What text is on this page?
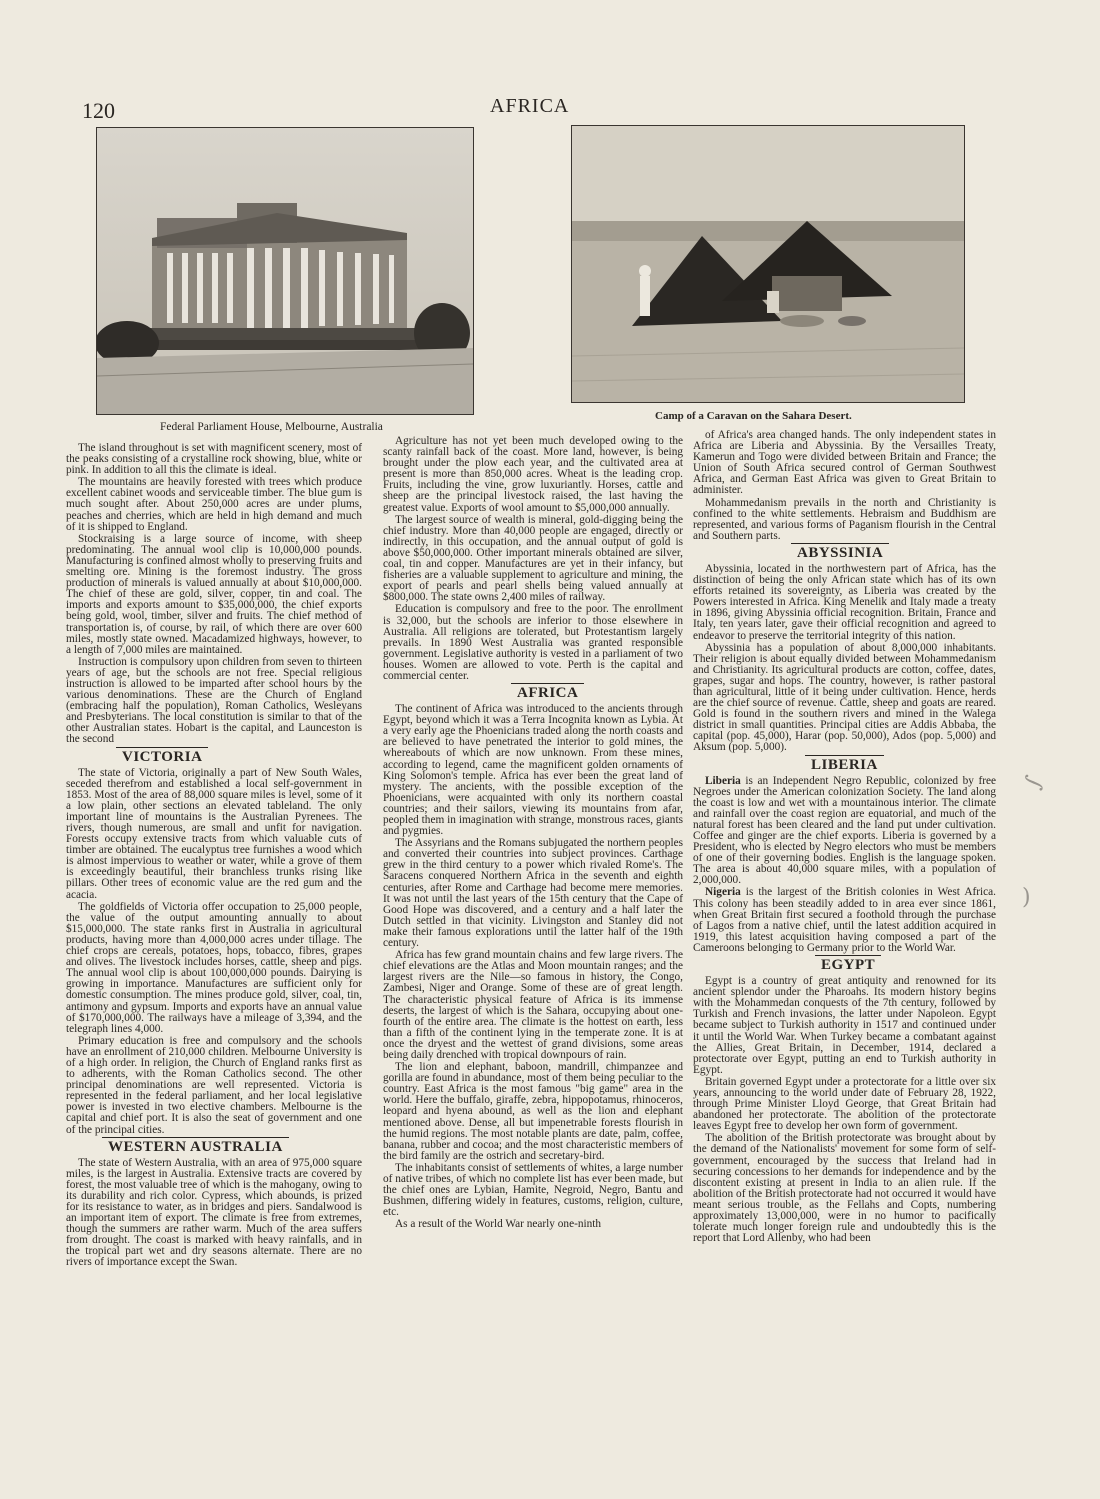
120	AFRICA
Federal Parliament House, Melbourne, Australia
Camp of a Caravan on the Sahara Desert.

The island throughout is set with magnificent scenery, most of the peaks consisting of a crystalline rock showing, blue, white or pink. In addition to all this the climate is ideal.

The mountains are heavily forested with trees which produce excellent cabinet woods and serviceable timber. The blue gum is much sought after. About 250,000 acres are under plums, peaches and cherries, which are held in high demand and much of it is shipped to England.

Stockraising is a large source of income, with sheep predominating. The annual wool clip is 10,000,000 pounds. Manufacturing is confined almost wholly to preserving fruits and smelting ore. Mining is the foremost industry. The gross production of minerals is valued annually at about $10,000,000. The chief of these are gold, silver, copper, tin and coal. The imports and exports amount to $35,000,000, the chief exports being gold, wool, timber, silver and fruits. The chief method of transportation is, of course, by rail, of which there are over 600 miles, mostly state owned. Macadamized highways, however, to a length of 7,000 miles are maintained.

Instruction is compulsory upon children from seven to thirteen years of age, but the schools are not free. Special religious instruction is allowed to be imparted after school hours by the various denominations. These are the Church of England (embracing half the population), Roman Catholics, Wesleyans and Presbyterians. The local constitution is similar to that of the other Australian states. Hobart is the capital, and Launceston is the second

VICTORIA

The state of Victoria, originally a part of New South Wales, seceded therefrom and established a local self-government in 1853. Most of the area of 88,000 square miles is level, some of it a low plain, other sections an elevated tableland. The only important line of mountains is the Australian Pyrenees. The rivers, though numerous, are small and unfit for navigation. Forests occupy extensive tracts from which valuable cuts of timber are obtained. The eucalyptus tree furnishes a wood which is almost impervious to weather or water, while a grove of them is exceedingly beautiful, their branchless trunks rising like pillars. Other trees of economic value are the red gum and the acacia.

The goldfields of Victoria offer occupation to 25,000 people, the value of the output amounting annually to about $15,000,000. The state ranks first in Australia in agricultural products, having more than 4,000,000 acres under tillage. The chief crops are cereals, potatoes, hops, tobacco, fibres, grapes and olives. The livestock includes horses, cattle, sheep and pigs. The annual wool clip is about 100,000,000 pounds. Dairying is growing in importance. Manufactures are sufficient only for domestic consumption. The mines produce gold, silver, coal, tin, antimony and gypsum. Imports and exports have an annual value of $170,000,000. The railways have a mileage of 3,394, and the telegraph lines 4,000.

Primary education is free and compulsory and the schools have an enrollment of 210,000 children. Melbourne University is of a high order. In religion, the Church of England ranks first as to adherents, with the Roman Catholics second. The other principal denominations are well represented. Victoria is represented in the federal parliament, and her local legislative power is invested in two elective chambers. Melbourne is the capital and chief port. It is also the seat of government and one of the principal cities.

WESTERN AUSTRALIA

The state of Western Australia, with an area of 975,000 square miles, is the largest in Australia. Extensive tracts are covered by forest, the most valuable tree of which is the mahogany, owing to its durability and rich color. Cypress, which abounds, is prized for its resistance to water, as in bridges and piers. Sandalwood is an important item of export. The climate is free from extremes, though the summers are rather warm. Much of the area suffers from drought. The coast is marked with heavy rainfalls, and in the tropical part wet and dry seasons alternate. There are no rivers of importance except the Swan.

Agriculture has not yet been much developed owing to the scanty rainfall back of the coast. More land, however, is being brought under the plow each year, and the cultivated area at present is more than 850,000 acres. Wheat is the leading crop. Fruits, including the vine, grow luxuriantly. Horses, cattle and sheep are the principal livestock raised, the last having the greatest value. Exports of wool amount to $5,000,000 annually.

The largest source of wealth is mineral, gold-digging being the chief industry. More than 40,000 people are engaged, directly or indirectly, in this occupation, and the annual output of gold is above $50,000,000. Other important minerals obtained are silver, coal, tin and copper. Manufactures are yet in their infancy, but fisheries are a valuable supplement to agriculture and mining, the export of pearls and pearl shells being valued annually at $800,000. The state owns 2,400 miles of railway.

Education is compulsory and free to the poor. The enrollment is 32,000, but the schools are inferior to those elsewhere in Australia. All religions are tolerated, but Protestantism largely prevails. In 1890 West Australia was granted responsible government. Legislative authority is vested in a parliament of two houses. Women are allowed to vote. Perth is the capital and commercial center.

AFRICA

The continent of Africa was introduced to the ancients through Egypt, beyond which it was a Terra Incognita known as Lybia. At a very early age the Phoenicians traded along the north coasts and are believed to have penetrated the interior to gold mines, the whereabouts of which are now unknown. From these mines, according to legend, came the magnificent golden ornaments of King Solomon's temple. Africa has ever been the great land of mystery. The ancients, with the possible exception of the Phoenicians, were acquainted with only its northern coastal countries; and their sailors, viewing its mountains from afar, peopled them in imagination with strange, monstrous races, giants and pygmies.

The Assyrians and the Romans subjugated the northern peoples and converted their countries into subject provinces. Carthage grew in the third century to a power which rivaled Rome's. The Saracens conquered Northern Africa in the seventh and eighth centuries, after Rome and Carthage had become mere memories. It was not until the last years of the 15th century that the Cape of Good Hope was discovered, and a century and a half later the Dutch settled in that vicinity. Livingston and Stanley did not make their famous explorations until the latter half of the 19th century.

Africa has few grand mountain chains and few large rivers. The chief elevations are the Atlas and Moon mountain ranges; and the largest rivers are the Nile—so famous in history, the Congo, Zambesi, Niger and Orange. Some of these are of great length. The characteristic physical feature of Africa is its immense deserts, the largest of which is the Sahara, occupying about one-fourth of the entire area. The climate is the hottest on earth, less than a fifth of the continent lying in the temperate zone. It is at once the dryest and the wettest of grand divisions, some areas being daily drenched with tropical downpours of rain.

The lion and elephant, baboon, mandrill, chimpanzee and gorilla are found in abundance, most of them being peculiar to the country. East Africa is the most famous "big game" area in the world. Here the buffalo, giraffe, zebra, hippopotamus, rhinoceros, leopard and hyena abound, as well as the lion and elephant mentioned above. Dense, all but impenetrable forests flourish in the humid regions. The most notable plants are date, palm, coffee, banana, rubber and cocoa; and the most characteristic members of the bird family are the ostrich and secretary-bird.

The inhabitants consist of settlements of whites, a large number of native tribes, of which no complete list has ever been made, but the chief ones are Lybian, Hamite, Negroid, Negro, Bantu and Bushmen, differing widely in features, customs, religion, culture, etc.

As a result of the World War nearly one-ninth

of Africa's area changed hands. The only independent states in Africa are Liberia and Abyssinia. By the Versailles Treaty, Kamerun and Togo were divided between Britain and France; the Union of South Africa secured control of German Southwest Africa, and German East Africa was given to Great Britain to administer.

Mohammedanism prevails in the north and Christianity is confined to the white settlements. Hebraism and Buddhism are represented, and various forms of Paganism flourish in the Central and Southern parts.

ABYSSINIA

Abyssinia, located in the northwestern part of Africa, has the distinction of being the only African state which has of its own efforts retained its sovereignty, as Liberia was created by the Powers interested in Africa. King Menelik and Italy made a treaty in 1896, giving Abyssinia official recognition. Britain, France and Italy, ten years later, gave their official recognition and agreed to endeavor to preserve the territorial integrity of this nation.

Abyssinia has a population of about 8,000,000 inhabitants. Their religion is about equally divided between Mohammedanism and Christianity. Its agricultural products are cotton, coffee, dates, grapes, sugar and hops. The country, however, is rather pastoral than agricultural, little of it being under cultivation. Hence, herds are the chief source of revenue. Cattle, sheep and goats are reared. Gold is found in the southern rivers and mined in the Walega district in small quantities. Principal cities are Addis Abbaba, the capital (pop. 45,000), Harar (pop. 50,000), Ados (pop. 5,000) and Aksum (pop. 5,000).

LIBERIA

Liberia is an Independent Negro Republic, colonized by free Negroes under the American colonization Society. The land along the coast is low and wet with a mountainous interior. The climate and rainfall over the coast region are equatorial, and much of the natural forest has been cleared and the land put under cultivation. Coffee and ginger are the chief exports. Liberia is governed by a President, who is elected by Negro electors who must be members of one of their governing bodies. English is the language spoken. The area is about 40,000 square miles, with a population of 2,000,000.

Nigeria is the largest of the British colonies in West Africa. This colony has been steadily added to in area ever since 1861, when Great Britain first secured a foothold through the purchase of Lagos from a native chief, until the latest addition acquired in 1919, this latest acquisition having composed a part of the Cameroons belonging to Germany prior to the World War.

EGYPT

Egypt is a country of great antiquity and renowned for its ancient splendor under the Pharoahs. Its modern history begins with the Mohammedan conquests of the 7th century, followed by Turkish and French invasions, the latter under Napoleon. Egypt became subject to Turkish authority in 1517 and continued under it until the World War. When Turkey became a combatant against the Allies, Great Britain, in December, 1914, declared a protectorate over Egypt, putting an end to Turkish authority in Egypt.

Britain governed Egypt under a protectorate for a little over six years, announcing to the world under date of February 28, 1922, through Prime Minister Lloyd George, that Great Britain had abandoned her protectorate. The abolition of the protectorate leaves Egypt free to develop her own form of government.

The abolition of the British protectorate was brought about by the demand of the Nationalists' movement for some form of self-government, encouraged by the success that Ireland had in securing concessions to her demands for independence and by the discontent existing at present in India to an alien rule. If the abolition of the British protectorate had not occurred it would have meant serious trouble, as the Fellahs and Copts, numbering approximately 13,000,000, were in no humor to pacifically tolerate much longer foreign rule and undoubtedly this is the report that Lord Allenby, who had been

∫
)
